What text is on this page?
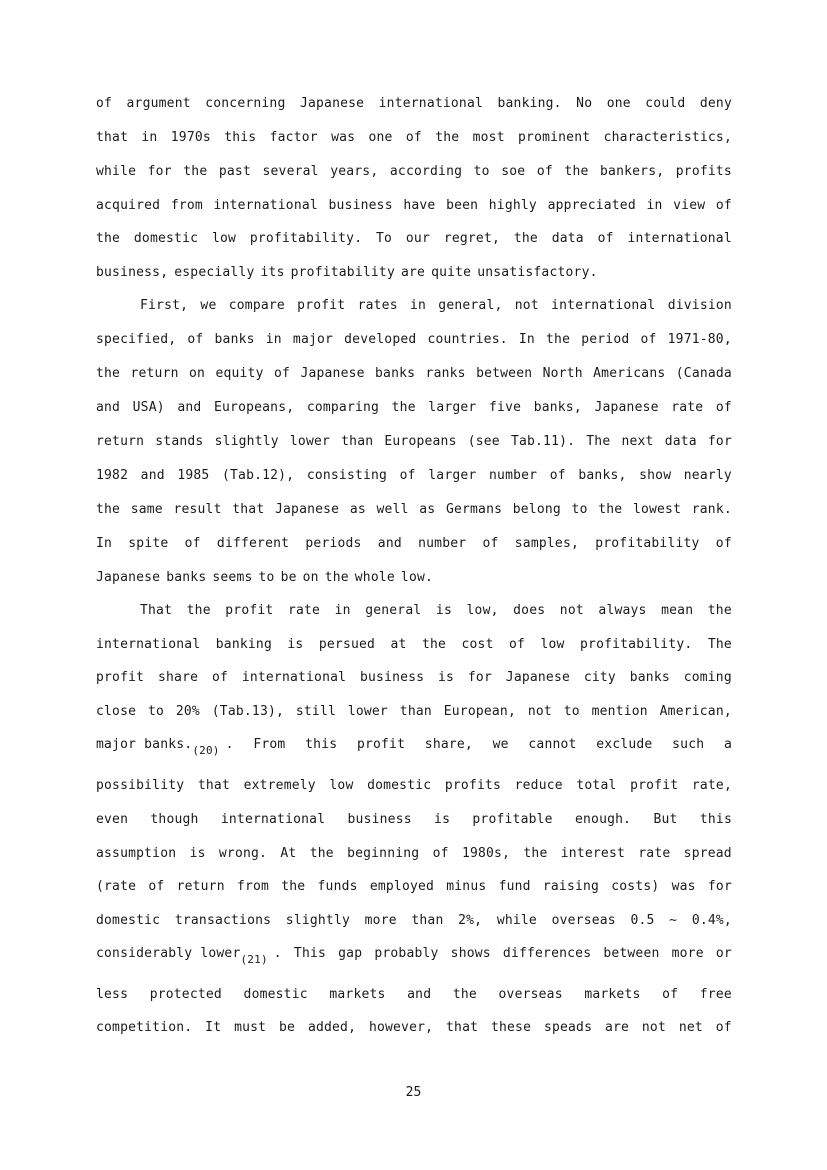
of argument concerning Japanese international banking. No one could deny
that in 1970s this factor was one of the most prominent characteristics,
while for the past several years, according to soe of the bankers, profits
acquired from international business have been highly appreciated in view of
the domestic low profitability. To our regret, the data of international
business, especially its profitability are quite unsatisfactory.
First, we compare profit rates in general, not international division
specified, of banks in major developed countries. In the period of 1971-80,
the return on equity of Japanese banks ranks between North Americans (Canada
and USA) and Europeans, comparing the larger five banks, Japanese rate of
return stands slightly lower than Europeans (see Tab.11). The next data for
1982 and 1985 (Tab.12), consisting of larger number of banks, show nearly
the same result that Japanese as well as Germans belong to the lowest rank.
In spite of different periods and number of samples, profitability of
Japanese banks seems to be on the whole low.
That the profit rate in general is low, does not always mean the
international banking is persued at the cost of low profitability. The
profit share of international business is for Japanese city banks coming
close to 20% (Tab.13), still lower than European, not to mention American,
major $banks._{(20)}$ . From this profit share, we cannot exclude such a
possibility that extremely low domestic profits reduce total profit rate,
even though international business is profitable enough. But this
assumption is wrong. At the beginning of 1980s, the interest rate spread
(rate of return from the funds employed minus fund raising costs) was for
domestic transactions slightly more than 2%, while overseas 0.5 ~ 0.4%,
considerably lower$_{(21)}$ . This gap probably shows differences between more or
less protected domestic markets and the overseas markets of free
competition. It must be added, however, that these speads are not net of
25
